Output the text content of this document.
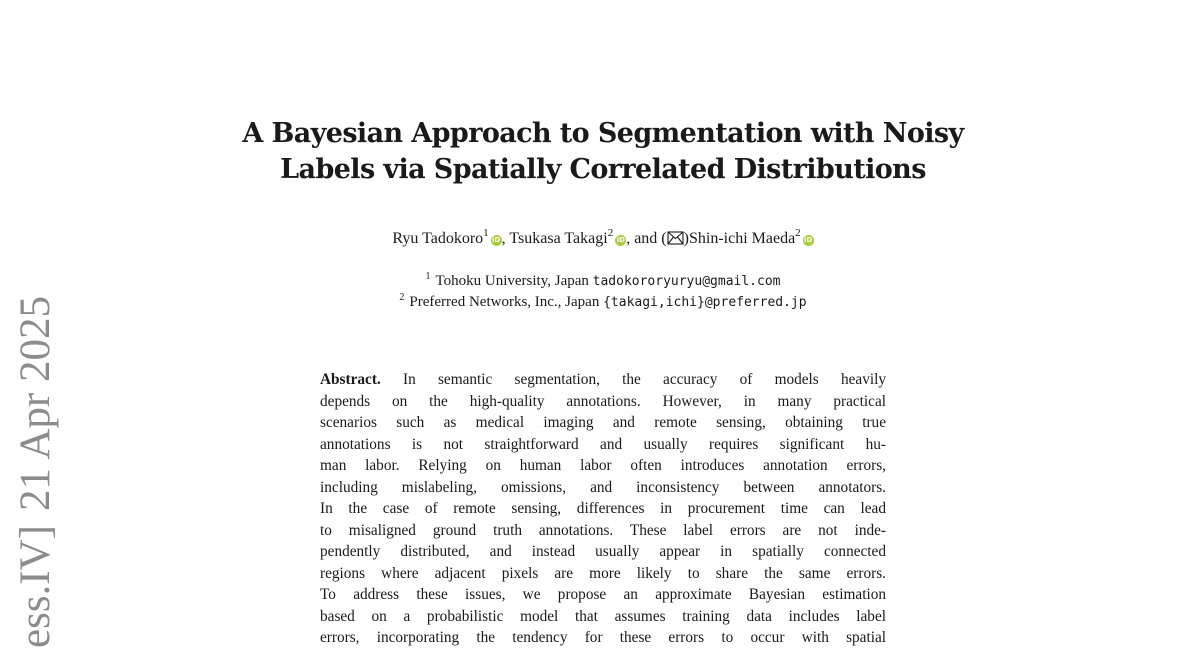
ess.IV]
21 Apr 2025
A Bayesian Approach to Segmentation with Noisy
Labels via Spatially Correlated Distributions
Ryu Tadokoro$^1$iD, Tsukasa Takagi$^2$iD, and ( )Shin-ichi Maeda$^2$iD
$^1$ Tohoku University, Japan tadokororyuryu@gmail.com
$^2$ Preferred Networks, Inc., Japan {takagi,ichi}@preferred.jp
Abstract. In semantic segmentation, the accuracy of models heavily
depends on the high-quality annotations. However, in many practical
scenarios such as medical imaging and remote sensing, obtaining true
annotations is not straightforward and usually requires significant hu-
man labor. Relying on human labor often introduces annotation errors,
including mislabeling, omissions, and inconsistency between annotators.
In the case of remote sensing, differences in procurement time can lead
to misaligned ground truth annotations. These label errors are not inde-
pendently distributed, and instead usually appear in spatially connected
regions where adjacent pixels are more likely to share the same errors.
To address these issues, we propose an approximate Bayesian estimation
based on a probabilistic model that assumes training data includes label
errors, incorporating the tendency for these errors to occur with spatial
